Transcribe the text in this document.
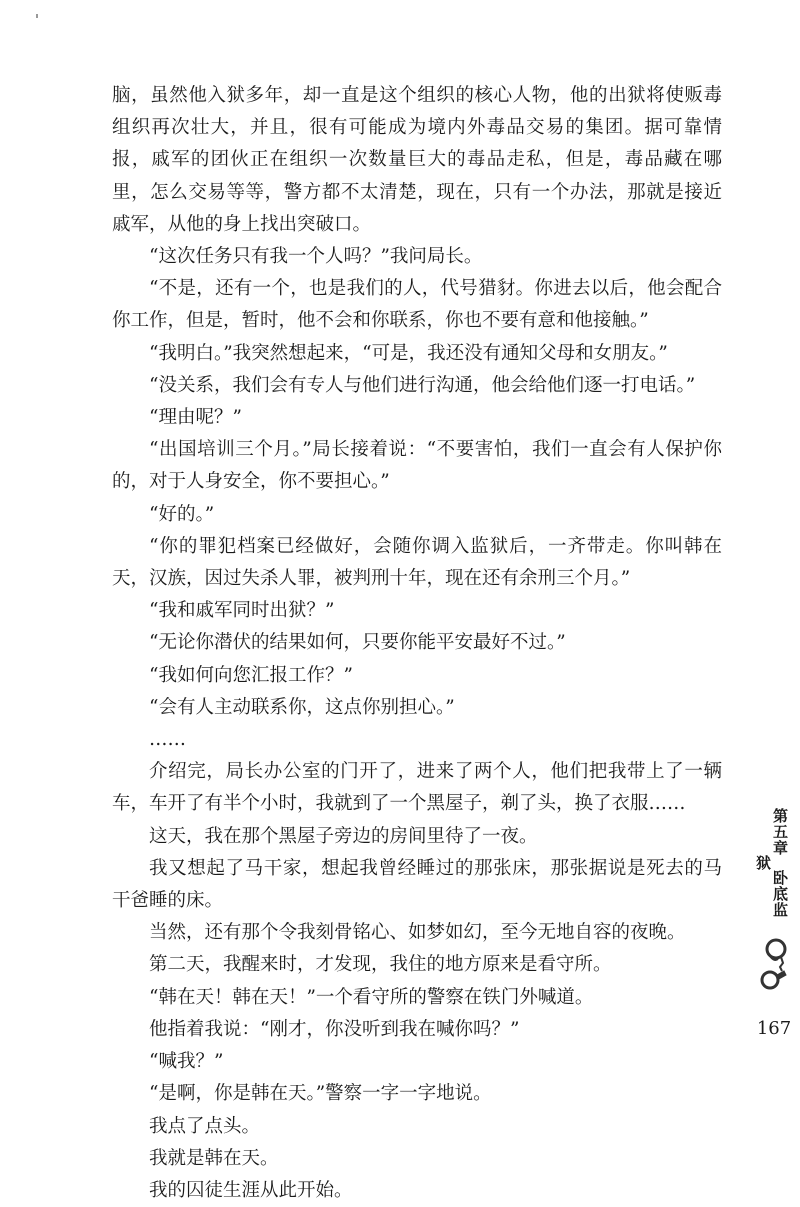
脑，虽然他入狱多年，却一直是这个组织的核心人物，他的出狱将使贩毒组织再次壮大，并且，很有可能成为境内外毒品交易的集团。据可靠情报，戚军的团伙正在组织一次数量巨大的毒品走私，但是，毒品藏在哪里，怎么交易等等，警方都不太清楚，现在，只有一个办法，那就是接近戚军，从他的身上找出突破口。

“这次任务只有我一个人吗？”我问局长。

“不是，还有一个，也是我们的人，代号猎豺。你进去以后，他会配合你工作，但是，暂时，他不会和你联系，你也不要有意和他接触。”

“我明白。”我突然想起来，“可是，我还没有通知父母和女朋友。”

“没关系，我们会有专人与他们进行沟通，他会给他们逐一打电话。”

“理由呢？”

“出国培训三个月。”局长接着说：“不要害怕，我们一直会有人保护你的，对于人身安全，你不要担心。”

“好的。”

“你的罪犯档案已经做好，会随你调入监狱后，一齐带走。你叫韩在天，汉族，因过失杀人罪，被判刑十年，现在还有余刑三个月。”

“我和戚军同时出狱？”

“无论你潜伏的结果如何，只要你能平安最好不过。”

“我如何向您汇报工作？”

“会有人主动联系你，这点你别担心。”

……

介绍完，局长办公室的门开了，进来了两个人，他们把我带上了一辆车，车开了有半个小时，我就到了一个黑屋子，剃了头，换了衣服……

这天，我在那个黑屋子旁边的房间里待了一夜。

我又想起了马干家，想起我曾经睡过的那张床，那张据说是死去的马干爸睡的床。

当然，还有那个令我刻骨铭心、如梦如幻，至今无地自容的夜晚。

第二天，我醒来时，才发现，我住的地方原来是看守所。

“韩在天！韩在天！”一个看守所的警察在铁门外喊道。

他指着我说：“刚才，你没听到我在喊你吗？”

“喊我？”

“是啊，你是韩在天。”警察一字一字地说。

我点了点头。

我就是韩在天。

我的囚徒生涯从此开始。

第五章卧底监狱
167
